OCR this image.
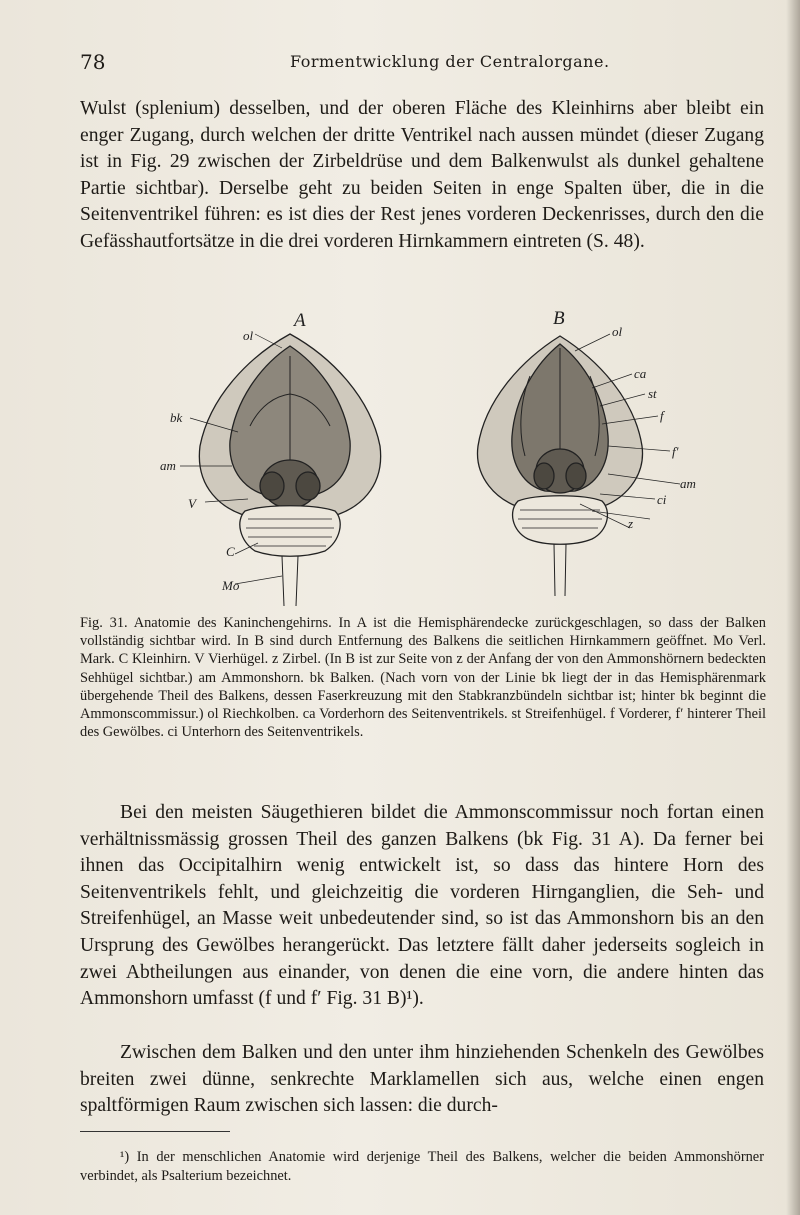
78	Formentwicklung der Centralorgane.

Wulst (splenium) desselben, und der oberen Fläche des Kleinhirns aber bleibt ein enger Zugang, durch welchen der dritte Ventrikel nach aussen mündet (dieser Zugang ist in Fig. 29 zwischen der Zirbeldrüse und dem Balkenwulst als dunkel gehaltene Partie sichtbar). Derselbe geht zu beiden Seiten in enge Spalten über, die in die Seitenventrikel führen: es ist dies der Rest jenes vorderen Deckenrisses, durch den die Gefässhautfortsätze in die drei vorderen Hirnkammern eintreten (S. 48).

A
ol
bk
am
V
C
Mo
B
ol
ca
st
f
f′
am
ci
z

Fig. 31. Anatomie des Kaninchengehirns. In A ist die Hemisphärendecke zurückgeschlagen, so dass der Balken vollständig sichtbar wird. In B sind durch Entfernung des Balkens die seitlichen Hirnkammern geöffnet. Mo Verl. Mark. C Kleinhirn. V Vierhügel. z Zirbel. (In B ist zur Seite von z der Anfang der von den Ammonshörnern bedeckten Sehhügel sichtbar.) am Ammonshorn. bk Balken. (Nach vorn von der Linie bk liegt der in das Hemisphärenmark übergehende Theil des Balkens, dessen Faserkreuzung mit den Stabkranzbündeln sichtbar ist; hinter bk beginnt die Ammonscommissur.) ol Riechkolben. ca Vorderhorn des Seitenventrikels. st Streifenhügel. f Vorderer, f′ hinterer Theil des Gewölbes. ci Unterhorn des Seitenventrikels.

Bei den meisten Säugethieren bildet die Ammonscommissur noch fortan einen verhältnissmässig grossen Theil des ganzen Balkens (bk Fig. 31 A). Da ferner bei ihnen das Occipitalhirn wenig entwickelt ist, so dass das hintere Horn des Seitenventrikels fehlt, und gleichzeitig die vorderen Hirnganglien, die Seh- und Streifenhügel, an Masse weit unbedeutender sind, so ist das Ammonshorn bis an den Ursprung des Gewölbes herangerückt. Das letztere fällt daher jederseits sogleich in zwei Abtheilungen aus einander, von denen die eine vorn, die andere hinten das Ammonshorn umfasst (f und f′ Fig. 31 B)¹).

Zwischen dem Balken und den unter ihm hinziehenden Schenkeln des Gewölbes breiten zwei dünne, senkrechte Marklamellen sich aus, welche einen engen spaltförmigen Raum zwischen sich lassen: die durch-

¹) In der menschlichen Anatomie wird derjenige Theil des Balkens, welcher die beiden Ammonshörner verbindet, als Psalterium bezeichnet.
